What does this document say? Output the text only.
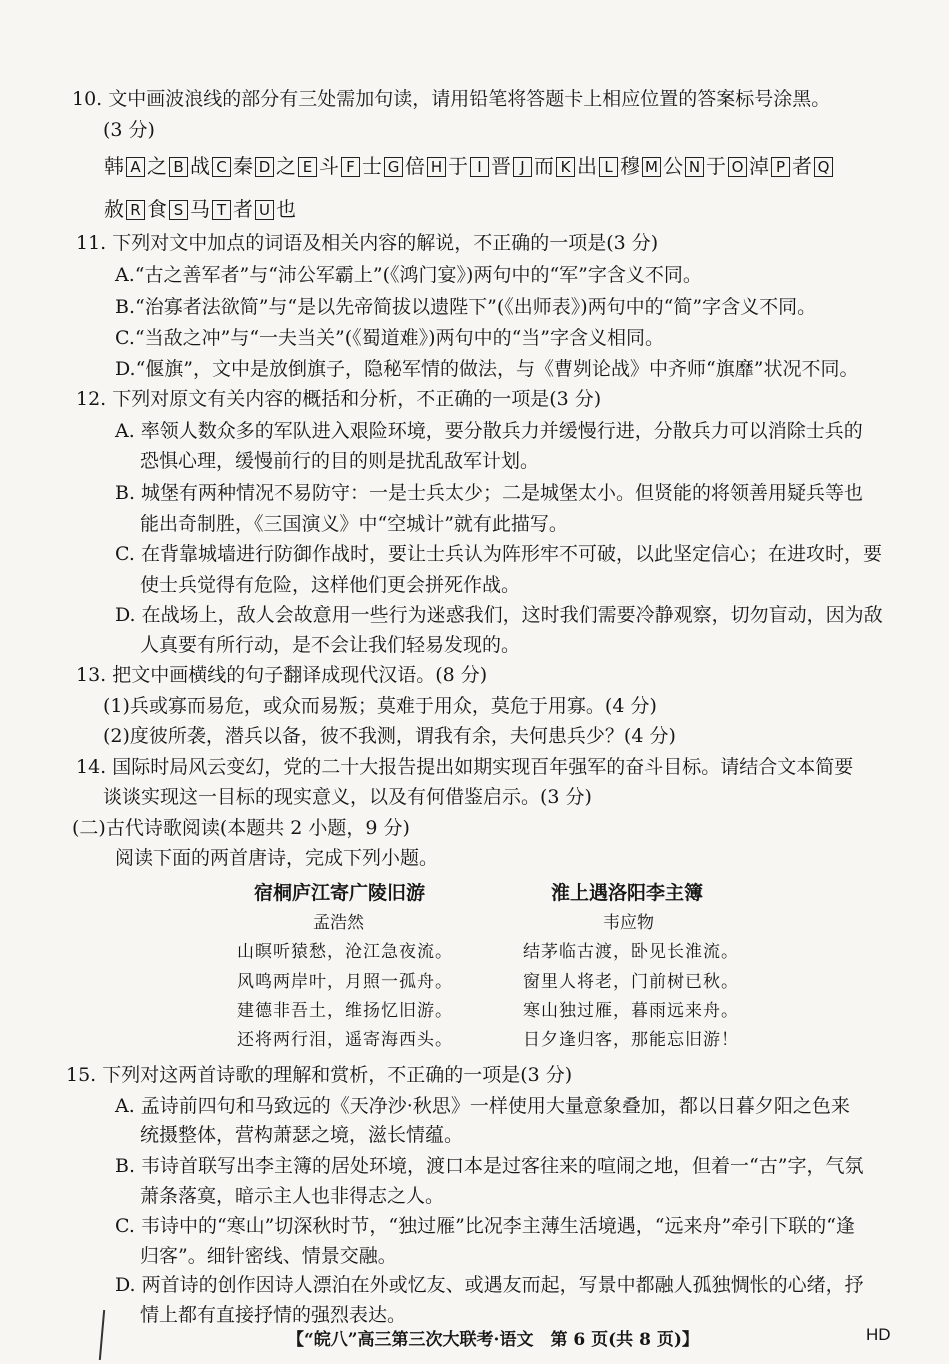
10. 文中画波浪线的部分有三处需加句读，请用铅笔将答题卡上相应位置的答案标号涂黑。
(3 分)
韩 A 之 B 战 C 秦 D 之 E 斗 F 士 G 倍 H 于 I 晋 J 而 K 出 L 穆 M 公 N 于 O 淖 P 者 Q
赦 R 食 S 马 T 者 U 也
11. 下列对文中加点的词语及相关内容的解说，不正确的一项是(3 分)
A.“古之善军者”与“沛公军霸上”(《鸿门宴》)两句中的“军”字含义不同。
B.“治寡者法欲简”与“是以先帝简拔以遗陛下”(《出师表》)两句中的“简”字含义不同。
C.“当敌之冲”与“一夫当关”(《蜀道难》)两句中的“当”字含义相同。
D.“偃旗”，文中是放倒旗子，隐秘军情的做法，与《曹刿论战》中齐师“旗靡”状况不同。
12. 下列对原文有关内容的概括和分析，不正确的一项是(3 分)
A. 率领人数众多的军队进入艰险环境，要分散兵力并缓慢行进，分散兵力可以消除士兵的
恐惧心理，缓慢前行的目的则是扰乱敌军计划。
B. 城堡有两种情况不易防守：一是士兵太少；二是城堡太小。但贤能的将领善用疑兵等也
能出奇制胜，《三国演义》中“空城计”就有此描写。
C. 在背靠城墙进行防御作战时，要让士兵认为阵形牢不可破，以此坚定信心；在进攻时，要
使士兵觉得有危险，这样他们更会拼死作战。
D. 在战场上，敌人会故意用一些行为迷惑我们，这时我们需要冷静观察，切勿盲动，因为敌
人真要有所行动，是不会让我们轻易发现的。
13. 把文中画横线的句子翻译成现代汉语。(8 分)
(1)兵或寡而易危，或众而易叛；莫难于用众，莫危于用寡。(4 分)
(2)度彼所袭，潜兵以备，彼不我测，谓我有余，夫何患兵少？(4 分)
14. 国际时局风云变幻，党的二十大报告提出如期实现百年强军的奋斗目标。请结合文本简要
谈谈实现这一目标的现实意义，以及有何借鉴启示。(3 分)
(二)古代诗歌阅读(本题共 2 小题，9 分)
阅读下面的两首唐诗，完成下列小题。
宿桐庐江寄广陵旧游
孟浩然
山暝听猿愁，沧江急夜流。
风鸣两岸叶，月照一孤舟。
建德非吾土，维扬忆旧游。
还将两行泪，遥寄海西头。
淮上遇洛阳李主簿
韦应物
结茅临古渡，卧见长淮流。
窗里人将老，门前树已秋。
寒山独过雁，暮雨远来舟。
日夕逢归客，那能忘旧游！
15. 下列对这两首诗歌的理解和赏析，不正确的一项是(3 分)
A. 孟诗前四句和马致远的《天净沙·秋思》一样使用大量意象叠加，都以日暮夕阳之色来
统摄整体，营构萧瑟之境，滋长情蕴。
B. 韦诗首联写出李主簿的居处环境，渡口本是过客往来的喧闹之地，但着一“古”字，气氛
萧条落寞，暗示主人也非得志之人。
C. 韦诗中的“寒山”切深秋时节，“独过雁”比况李主薄生活境遇，“远来舟”牵引下联的“逢
归客”。细针密线、情景交融。
D. 两首诗的创作因诗人漂泊在外或忆友、或遇友而起，写景中都融人孤独惆怅的心绪，抒
情上都有直接抒情的强烈表达。
【“皖八”高三第三次大联考·语文　第 6 页(共 8 页)】	HD
